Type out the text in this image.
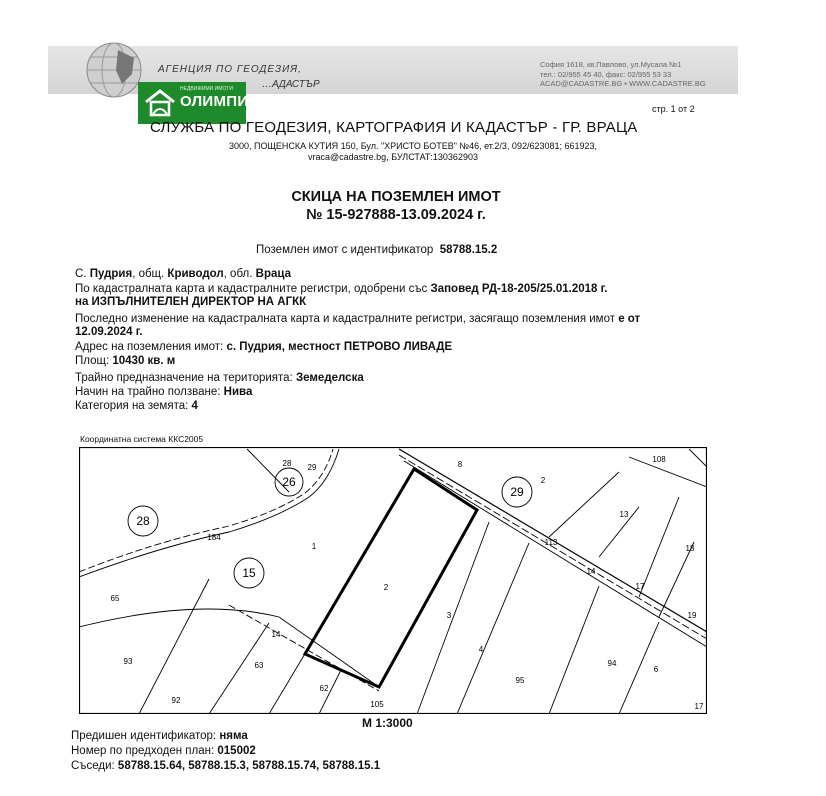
АГЕНЦИЯ ПО ГЕОДЕЗИЯ,
…АДАСТЪР
София 1618, кв.Павлово, ул.Мусала №1
тел.: 02/955 45 40, факс: 02/955 53 33
ACAD@CADASTRE.BG • WWW.CADASTRE.BG
НЕДВИЖИМИ ИМОТИ
ОЛИМПИЯ	стр. 1 от 2
СЛУЖБА ПО ГЕОДЕЗИЯ, КАРТОГРАФИЯ И КАДАСТЪР - ГР. ВРАЦА
3000, ПОЩЕНСКА КУТИЯ 150, Бул. "ХРИСТО БОТЕВ" №46, ет.2/3, 092/623081; 661923,
vraca@cadastre.bg, БУЛСТАТ:130362903
СКИЦА НА ПОЗЕМЛЕН ИМОТ
№ 15-927888-13.09.2024 г.
Поземлен имот с идентификатор 58788.15.2
С. Пудрия, общ. Криводол, обл. Враца
По кадастралната карта и кадастралните регистри, одобрени със Заповед РД-18-205/25.01.2018 г.
на ИЗПЪЛНИТЕЛЕН ДИРЕКТОР НА АГКК
Последно изменение на кадастралната карта и кадастралните регистри, засягащо поземления имот е от
12.09.2024 г.
Адрес на поземления имот: с. Пудрия, местност ПЕТРОВО ЛИВАДЕ
Площ: 10430 кв. м
Трайно предназначение на територията: Земеделска
Начин на трайно ползване: Нива
Категория на земята: 4
Координатна система ККС2005
28
26
15
29
1
2
3
4
2
6
8
13
14
14
17
18
19
28 29
62
63
65
93
92
94
95
105
108
113
184
17
М 1:3000
Предишен идентификатор: няма
Номер по предходен план: 015002
Съседи: 58788.15.64, 58788.15.3, 58788.15.74, 58788.15.1
